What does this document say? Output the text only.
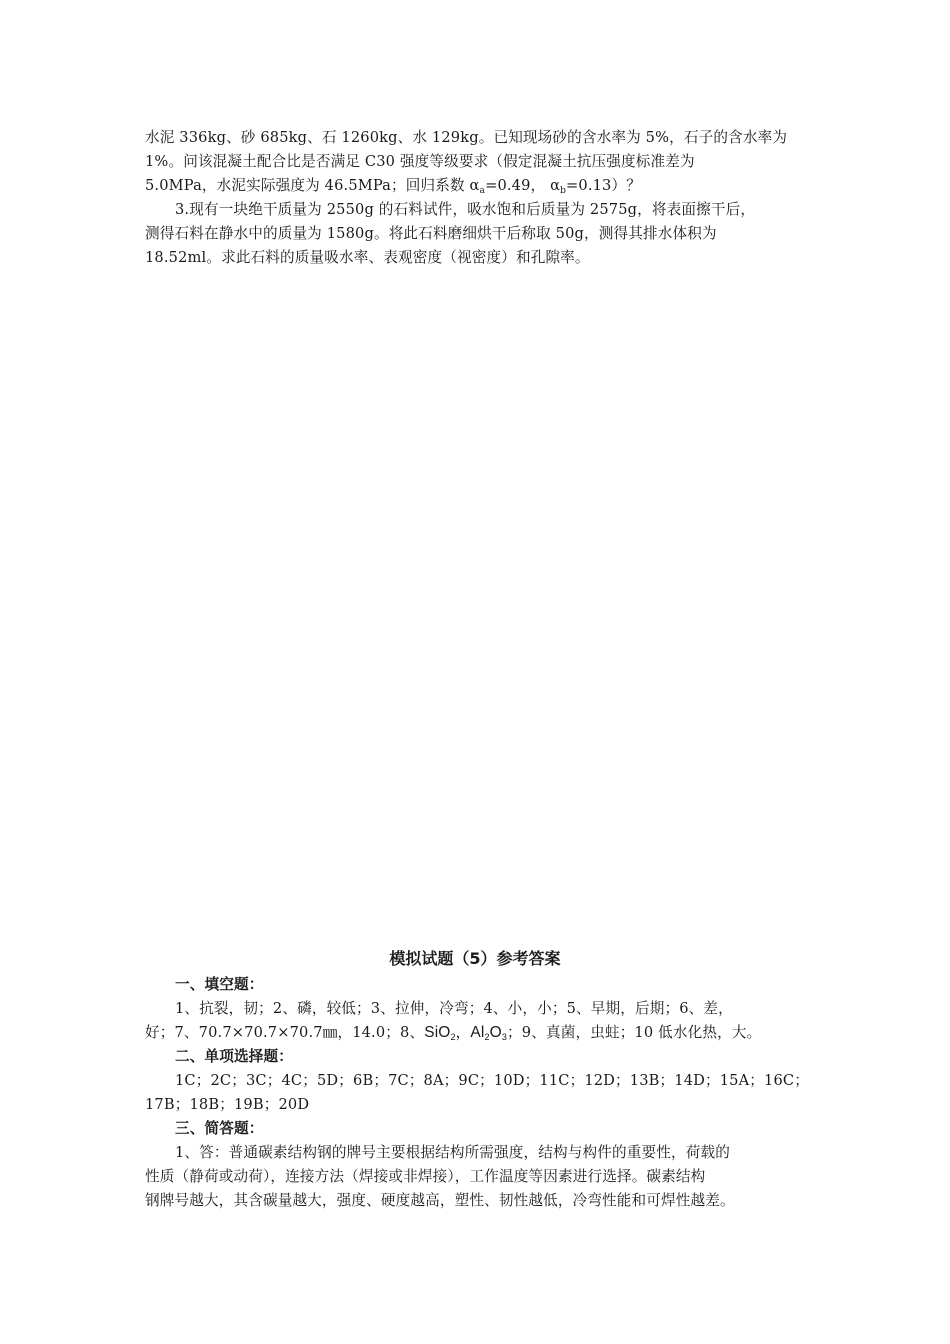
水泥 336kg、砂 685kg、石 1260kg、水 129kg。已知现场砂的含水率为 5%，石子的含水率为
1%。问该混凝土配合比是否满足 C30 强度等级要求（假定混凝土抗压强度标准差为
5.0MPa，水泥实际强度为 46.5MPa；回归系数 $\alpha_a=0.49$， $\alpha_b=0.13$）？
3.现有一块绝干质量为 2550g 的石料试件，吸水饱和后质量为 2575g，将表面擦干后，
测得石料在静水中的质量为 1580g。将此石料磨细烘干后称取 50g，测得其排水体积为
18.52ml。求此石料的质量吸水率、表观密度（视密度）和孔隙率。
模拟试题（5）参考答案
一、填空题：
1、抗裂，韧；2、磷，较低；3、拉伸，冷弯；4、小，小；5、早期，后期；6、差，
好；7、70.7×70.7×70.7㎜，14.0；8、SiO2，Al2O3；9、真菌，虫蛀；10 低水化热，大。
二、单项选择题：
1C；2C；3C；4C；5D；6B；7C；8A；9C；10D；11C；12D；13B；14D；15A；16C；
17B；18B；19B；20D
三、简答题：
1、答：普通碳素结构钢的牌号主要根据结构所需强度，结构与构件的重要性，荷载的
性质（静荷或动荷），连接方法（焊接或非焊接），工作温度等因素进行选择。碳素结构
钢牌号越大，其含碳量越大，强度、硬度越高，塑性、韧性越低，冷弯性能和可焊性越差。
